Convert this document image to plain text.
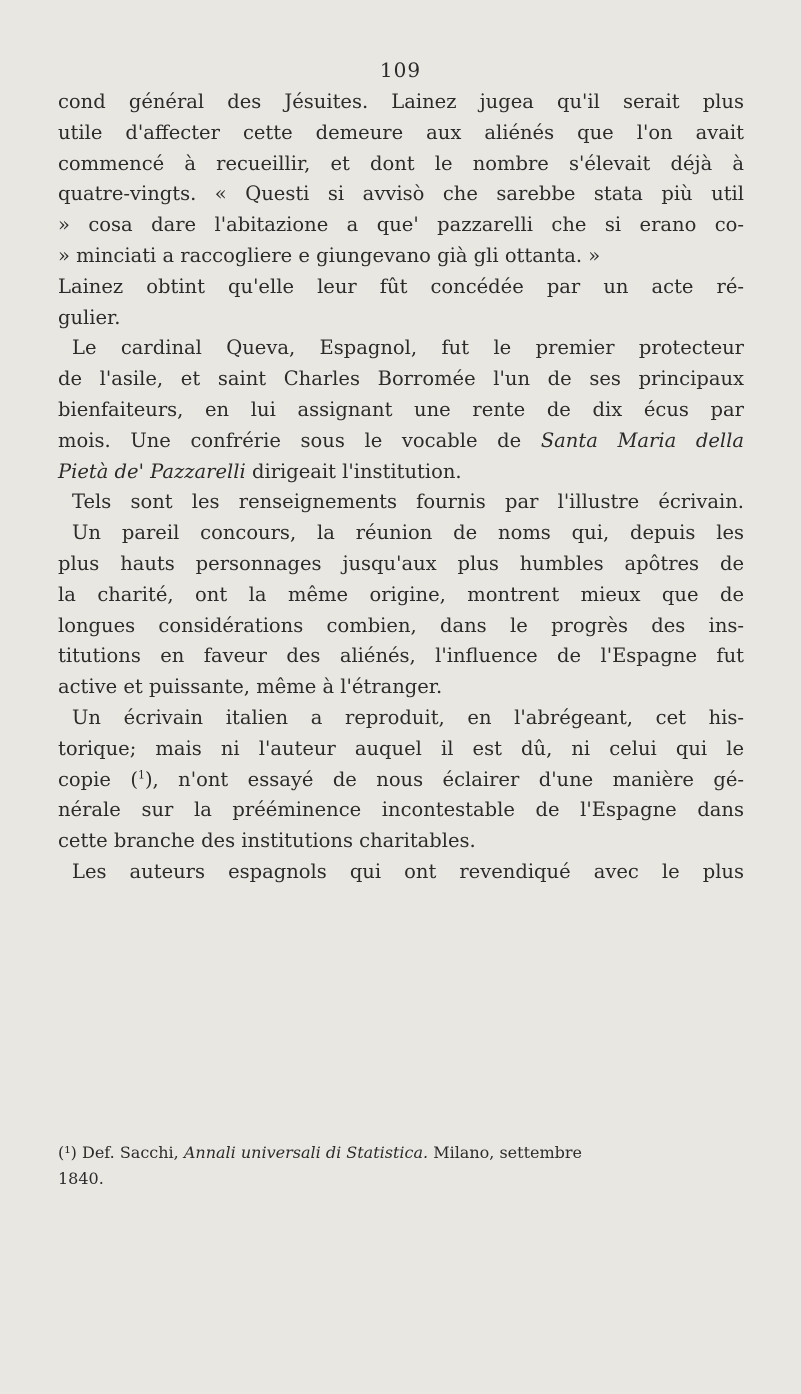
109
cond général des Jésuites. Lainez jugea qu'il serait plus
utile d'affecter cette demeure aux aliénés que l'on avait
commencé à recueillir, et dont le nombre s'élevait déjà à
quatre-vingts. « Questi si avvisò che sarebbe stata più util
» cosa dare l'abitazione a que' pazzarelli che si erano co-
» minciati a raccogliere e giungevano già gli ottanta. »
Lainez obtint qu'elle leur fût concédée par un acte ré-
gulier.
Le cardinal Queva, Espagnol, fut le premier protecteur
de l'asile, et saint Charles Borromée l'un de ses principaux
bienfaiteurs, en lui assignant une rente de dix écus par
mois. Une confrérie sous le vocable de Santa Maria della
Pietà de' Pazzarelli dirigeait l'institution.
Tels sont les renseignements fournis par l'illustre écrivain.
Un pareil concours, la réunion de noms qui, depuis les
plus hauts personnages jusqu'aux plus humbles apôtres de
la charité, ont la même origine, montrent mieux que de
longues considérations combien, dans le progrès des ins-
titutions en faveur des aliénés, l'influence de l'Espagne fut
active et puissante, même à l'étranger.
Un écrivain italien a reproduit, en l'abrégeant, cet his-
torique; mais ni l'auteur auquel il est dû, ni celui qui le
copie ($^1$), n'ont essayé de nous éclairer d'une manière gé-
nérale sur la prééminence incontestable de l'Espagne dans
cette branche des institutions charitables.
Les auteurs espagnols qui ont revendiqué avec le plus
(¹) Def. Sacchi, Annali universali di Statistica. Milano, settembre
1840.
